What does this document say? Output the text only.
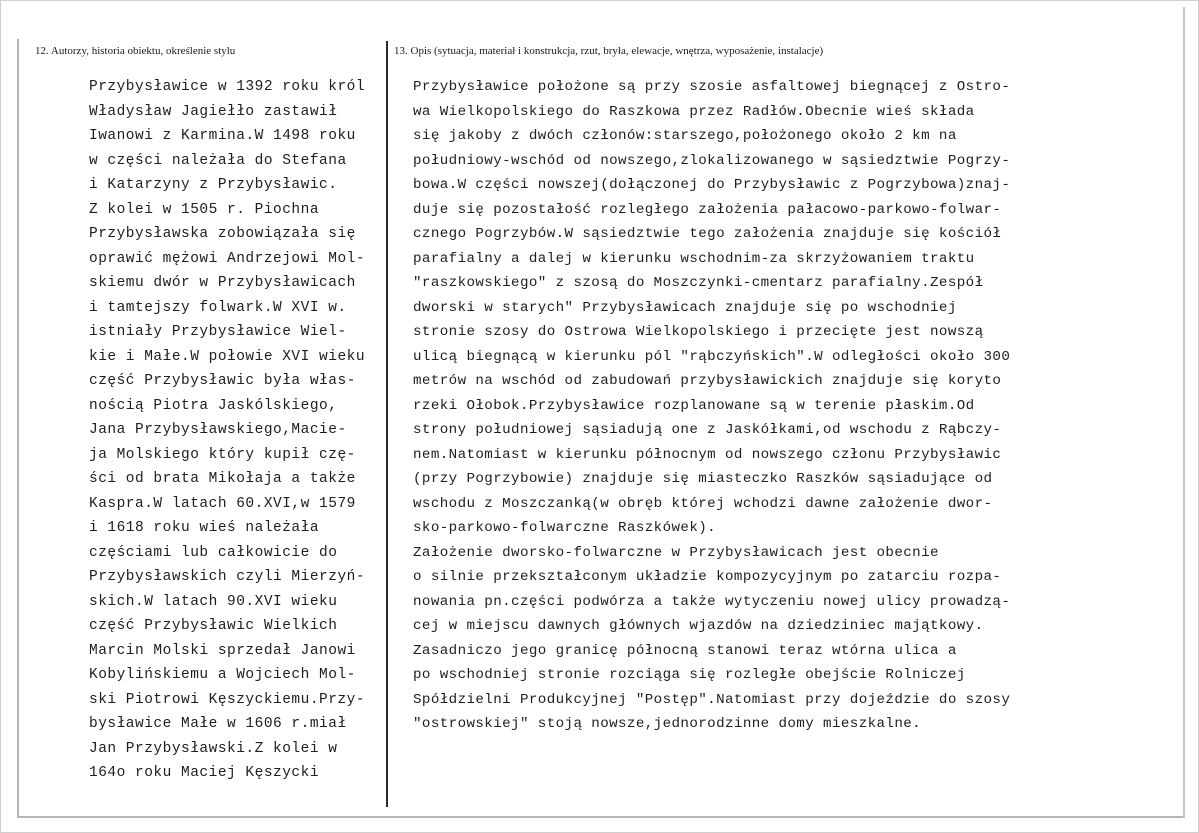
12. Autorzy, historia obiektu, określenie stylu	13. Opis (sytuacja, materiał i konstrukcja, rzut, bryła, elewacje, wnętrza, wyposażenie, instalacje)
Przybysławice w 1392 roku król
Władysław Jagiełło zastawił
Iwanowi z Karmina.W 1498 roku
w części należała do Stefana
i Katarzyny z Przybysławic.
Z kolei w 1505 r. Piochna
Przybysławska zobowiązała się
oprawić mężowi Andrzejowi Mol-
skiemu dwór w Przybysławicach
i tamtejszy folwark.W XVI w.
istniały Przybysławice Wiel-
kie i Małe.W połowie XVI wieku
część Przybysławic była włas-
nością Piotra Jaskólskiego,
Jana Przybysławskiego,Macie-
ja Molskiego który kupił czę-
ści od brata Mikołaja a także
Kaspra.W latach 60.XVI,w 1579
i 1618 roku wieś należała
częściami lub całkowicie do
Przybysławskich czyli Mierzyń-
skich.W latach 90.XVI wieku
część Przybysławic Wielkich
Marcin Molski sprzedał Janowi
Kobylińskiemu a Wojciech Mol-
ski Piotrowi Kęszyckiemu.Przy-
bysławice Małe w 1606 r.miał
Jan Przybysławski.Z kolei w
164o roku Maciej Kęszycki
Przybysławice położone są przy szosie asfaltowej biegnącej z Ostro-
wa Wielkopolskiego do Raszkowa przez Radłów.Obecnie wieś składa
się jakoby z dwóch członów:starszego,położonego około 2 km na
południowy-wschód od nowszego,zlokalizowanego w sąsiedztwie Pogrzy-
bowa.W części nowszej(dołączonej do Przybysławic z Pogrzybowa)znaj-
duje się pozostałość rozległego założenia pałacowo-parkowo-folwar-
cznego Pogrzybów.W sąsiedztwie tego założenia znajduje się kościół
parafialny a dalej w kierunku wschodnim-za skrzyżowaniem traktu
"raszkowskiego" z szosą do Moszczynki-cmentarz parafialny.Zespół
dworski w starych" Przybysławicach znajduje się po wschodniej
stronie szosy do Ostrowa Wielkopolskiego i przecięte jest nowszą
ulicą biegnącą w kierunku pól "rąbczyńskich".W odległości około 300
metrów na wschód od zabudowań przybysławickich znajduje się koryto
rzeki Ołobok.Przybysławice rozplanowane są w terenie płaskim.Od
strony południowej sąsiadują one z Jaskółkami,od wschodu z Rąbczy-
nem.Natomiast w kierunku północnym od nowszego członu Przybysławic
(przy Pogrzybowie) znajduje się miasteczko Raszków sąsiadujące od
wschodu z Moszczanką(w obręb której wchodzi dawne założenie dwor-
sko-parkowo-folwarczne Raszkówek).
Założenie dworsko-folwarczne w Przybysławicach jest obecnie
o silnie przekształconym układzie kompozycyjnym po zatarciu rozpa-
nowania pn.części podwórza a także wytyczeniu nowej ulicy prowadzą-
cej w miejscu dawnych głównych wjazdów na dziedziniec majątkowy.
Zasadniczo jego granicę północną stanowi teraz wtórna ulica a
po wschodniej stronie rozciąga się rozległe obejście Rolniczej
Spółdzielni Produkcyjnej "Postęp".Natomiast przy dojeździe do szosy
"ostrowskiej" stoją nowsze,jednorodzinne domy mieszkalne.
